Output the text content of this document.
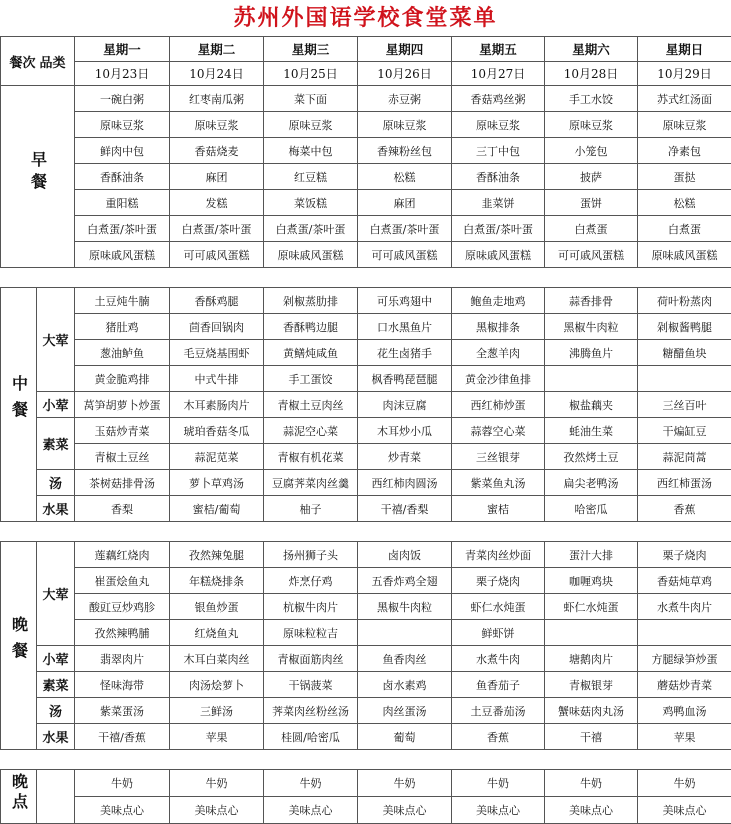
苏州外国语学校食堂菜单
餐次 品类		星期一	星期二	星期三	星期四	星期五	星期六	星期日
		10月23日	10月24日	10月25日	10月26日	10月27日	10月28日	10月29日
早餐		一碗白粥	红枣南瓜粥	菜下面	赤豆粥	香菇鸡丝粥	手工水饺	苏式红汤面
		原味豆浆	原味豆浆	原味豆浆	原味豆浆	原味豆浆	原味豆浆	原味豆浆
		鲜肉中包	香菇烧麦	梅菜中包	香辣粉丝包	三丁中包	小笼包	净素包
		香酥油条	麻团	红豆糕	松糕	香酥油条	披萨	蛋挞
		重阳糕	发糕	菜饭糕	麻团	韭菜饼	蛋饼	松糕
		白煮蛋/茶叶蛋	白煮蛋/茶叶蛋	白煮蛋/茶叶蛋	白煮蛋/茶叶蛋	白煮蛋/茶叶蛋	白煮蛋	白煮蛋
		原味戚风蛋糕	可可戚风蛋糕	原味戚风蛋糕	可可戚风蛋糕	原味戚风蛋糕	可可戚风蛋糕	原味戚风蛋糕

中餐	大荤	土豆炖牛腩	香酥鸡腿	剁椒蒸肋排	可乐鸡翅中	鲍鱼走地鸡	蒜香排骨	荷叶粉蒸肉
		猪肚鸡	茴香回锅肉	香酥鸭边腿	口水黑鱼片	黑椒排条	黑椒牛肉粒	剁椒酱鸭腿
		葱油鲈鱼	毛豆烧基围虾	黄鳝炖咸鱼	花生卤猪手	全葱羊肉	沸腾鱼片	糖醋鱼块
		黄金脆鸡排	中式牛排	手工蛋饺	枫香鸭琵琶腿	黄金沙律鱼排		
	小荤	莴笋胡萝卜炒蛋	木耳素肠肉片	青椒土豆肉丝	肉沫豆腐	西红柿炒蛋	椒盐藕夹	三丝百叶
	素菜	玉菇炒青菜	琥珀香菇冬瓜	蒜泥空心菜	木耳炒小瓜	蒜蓉空心菜	蚝油生菜	干煸缸豆
		青椒土豆丝	蒜泥苋菜	青椒有机花菜	炒青菜	三丝银芽	孜然烤土豆	蒜泥茼蒿
	汤	茶树菇排骨汤	萝卜草鸡汤	豆腐荠菜肉丝羹	西红柿肉圆汤	紫菜鱼丸汤	扁尖老鸭汤	西红柿蛋汤
	水果	香梨	蜜桔/葡萄	柚子	干禧/香梨	蜜桔	哈密瓜	香蕉

晚餐	大荤	莲藕红烧肉	孜然辣兔腿	扬州狮子头	卤肉饭	青菜肉丝炒面	蛋汁大排	栗子烧肉
		崔蛋烩鱼丸	年糕烧排条	炸烹仔鸡	五香炸鸡全翅	栗子烧肉	咖喱鸡块	香菇炖草鸡
		酸豇豆炒鸡胗	银鱼炒蛋	杭椒牛肉片	黑椒牛肉粒	虾仁水炖蛋	虾仁水炖蛋	水煮牛肉片
		孜然辣鸭脯	红烧鱼丸	原味粒粒吉		鲜虾饼		
	小荤	翡翠肉片	木耳白菜肉丝	青椒面筋肉丝	鱼香肉丝	水煮牛肉	塘鹅肉片	方腿绿笋炒蛋
	素菜	怪味海带	肉汤烩萝卜	干锅菠菜	卤水素鸡	鱼香茄子	青椒银芽	蘑菇炒青菜
	汤	紫菜蛋汤	三鲜汤	荠菜肉丝粉丝汤	肉丝蛋汤	土豆番茄汤	蟹味菇肉丸汤	鸡鸭血汤
	水果	干禧/香蕉	苹果	桂圆/哈密瓜	葡萄	香蕉	干禧	苹果

晚点		牛奶	牛奶	牛奶	牛奶	牛奶	牛奶	牛奶
		美味点心	美味点心	美味点心	美味点心	美味点心	美味点心	美味点心
